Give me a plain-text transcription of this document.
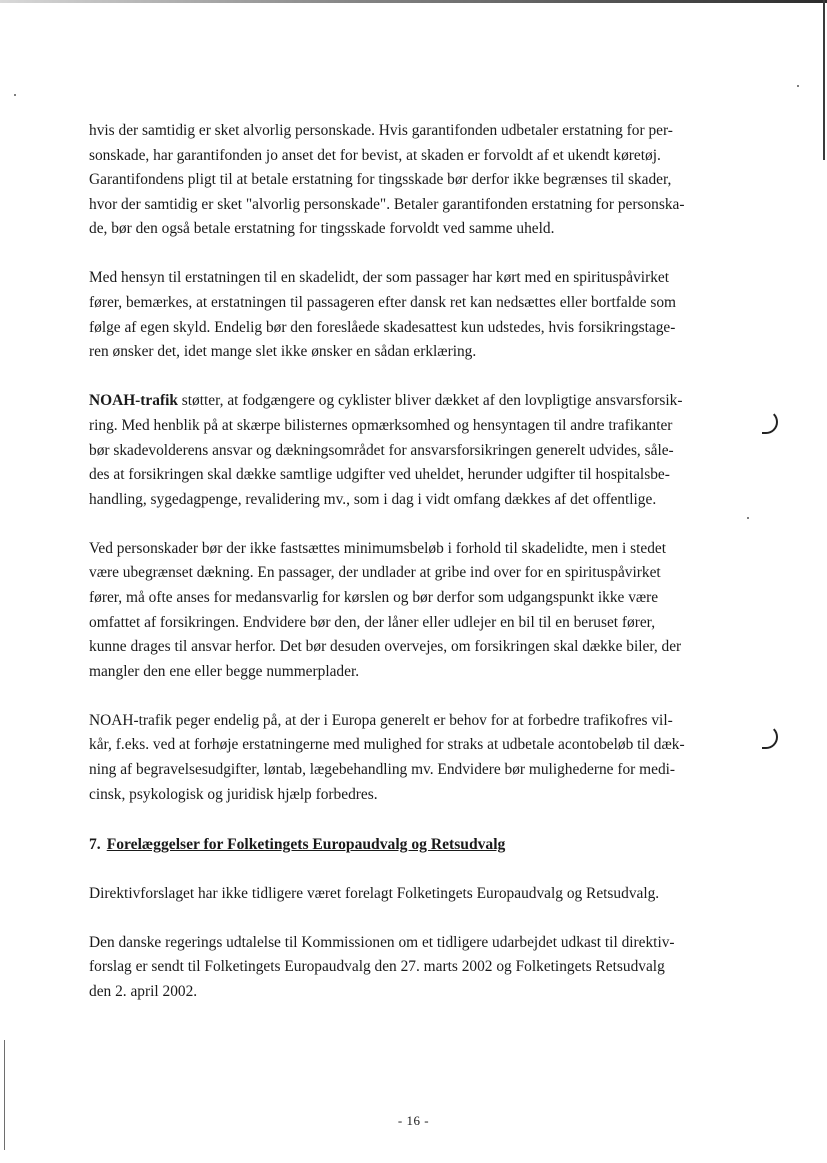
hvis der samtidig er sket alvorlig personskade. Hvis garantifonden udbetaler erstatning for per-
sonskade, har garantifonden jo anset det for bevist, at skaden er forvoldt af et ukendt køretøj.
Garantifondens pligt til at betale erstatning for tingsskade bør derfor ikke begrænses til skader,
hvor der samtidig er sket "alvorlig personskade". Betaler garantifonden erstatning for personska-
de, bør den også betale erstatning for tingsskade forvoldt ved samme uheld.

Med hensyn til erstatningen til en skadelidt, der som passager har kørt med en spirituspåvirket
fører, bemærkes, at erstatningen til passageren efter dansk ret kan nedsættes eller bortfalde som
følge af egen skyld. Endelig bør den foreslåede skadesattest kun udstedes, hvis forsikringstage-
ren ønsker det, idet mange slet ikke ønsker en sådan erklæring.

NOAH-trafik støtter, at fodgængere og cyklister bliver dækket af den lovpligtige ansvarsforsik-
ring. Med henblik på at skærpe bilisternes opmærksomhed og hensyntagen til andre trafikanter
bør skadevolderens ansvar og dækningsområdet for ansvarsforsikringen generelt udvides, såle-
des at forsikringen skal dække samtlige udgifter ved uheldet, herunder udgifter til hospitalsbe-
handling, sygedagpenge, revalidering mv., som i dag i vidt omfang dækkes af det offentlige.

Ved personskader bør der ikke fastsættes minimumsbeløb i forhold til skadelidte, men i stedet
være ubegrænset dækning. En passager, der undlader at gribe ind over for en spirituspåvirket
fører, må ofte anses for medansvarlig for kørslen og bør derfor som udgangspunkt ikke være
omfattet af forsikringen. Endvidere bør den, der låner eller udlejer en bil til en beruset fører,
kunne drages til ansvar herfor. Det bør desuden overvejes, om forsikringen skal dække biler, der
mangler den ene eller begge nummerplader.

NOAH-trafik peger endelig på, at der i Europa generelt er behov for at forbedre trafikofres vil-
kår, f.eks. ved at forhøje erstatningerne med mulighed for straks at udbetale acontobeløb til dæk-
ning af begravelsesudgifter, løntab, lægebehandling mv. Endvidere bør mulighederne for medi-
cinsk, psykologisk og juridisk hjælp forbedres.

7. Forelæggelser for Folketingets Europaudvalg og Retsudvalg

Direktivforslaget har ikke tidligere været forelagt Folketingets Europaudvalg og Retsudvalg.

Den danske regerings udtalelse til Kommissionen om et tidligere udarbejdet udkast til direktiv-
forslag er sendt til Folketingets Europaudvalg den 27. marts 2002 og Folketingets Retsudvalg
den 2. april 2002.

- 16 -
